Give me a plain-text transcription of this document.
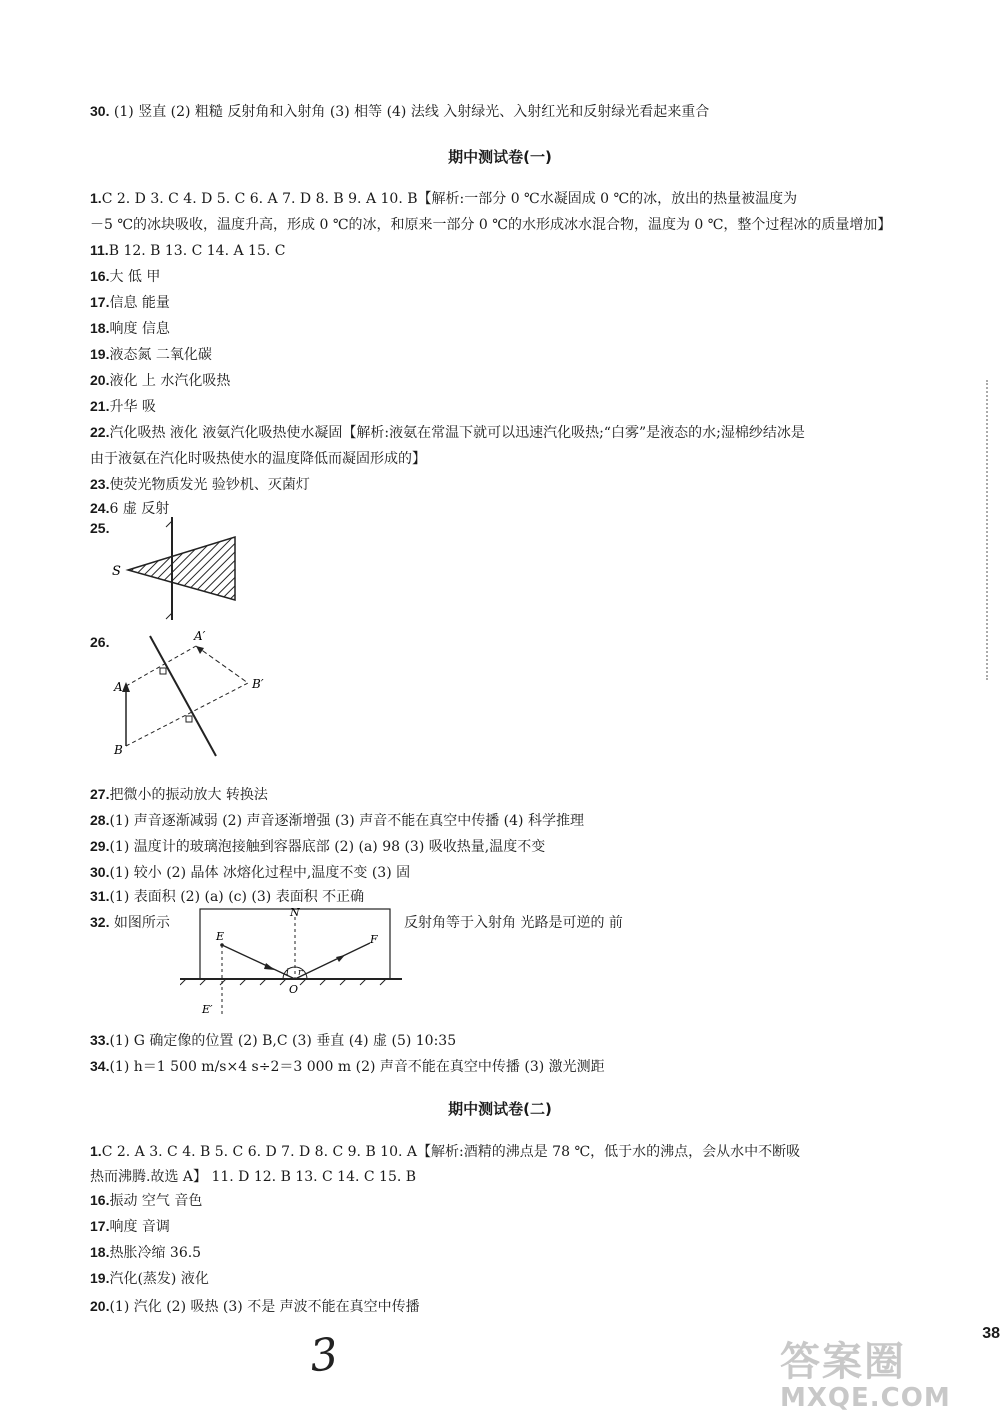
30. (1) 竖直 (2) 粗糙 反射角和入射角 (3) 相等 (4) 法线 入射绿光、入射红光和反射绿光看起来重合
期中测试卷(一)
1.C 2. D 3. C 4. D 5. C 6. A 7. D 8. B 9. A 10. B【解析:一部分 0 ℃水凝固成 0 ℃的冰，放出的热量被温度为
－5 ℃的冰块吸收，温度升高，形成 0 ℃的冰，和原来一部分 0 ℃的水形成冰水混合物，温度为 0 ℃，整个过程冰的质量增加】
11.B 12. B 13. C 14. A 15. C
16.大 低 甲
17.信息 能量
18.响度 信息
19.液态氮 二氧化碳
20.液化 上 水汽化吸热
21.升华 吸
22.汽化吸热 液化 液氨汽化吸热使水凝固【解析:液氨在常温下就可以迅速汽化吸热;“白雾”是液态的水;湿棉纱结冰是
由于液氨在汽化时吸热使水的温度降低而凝固形成的】
23.使荧光物质发光 验钞机、灭菌灯
24.6 虚 反射
25.
S
26.
A
B
A′
B′
27.把微小的振动放大 转换法
28.(1) 声音逐渐减弱 (2) 声音逐渐增强 (3) 声音不能在真空中传播 (4) 科学推理
29.(1) 温度计的玻璃泡接触到容器底部 (2) (a) 98 (3) 吸收热量,温度不变
30.(1) 较小 (2) 晶体 冰熔化过程中,温度不变 (3) 固
31.(1) 表面积 (2) (a) (c) (3) 表面积 不正确
32. 如图所示	反射角等于入射角 光路是可逆的 前
N
E	F
O
E′
i r
33.(1) G 确定像的位置 (2) B,C (3) 垂直 (4) 虚 (5) 10:35
34.(1) h＝1 500 m/s×4 s÷2＝3 000 m (2) 声音不能在真空中传播 (3) 激光测距
期中测试卷(二)
1.C 2. A 3. C 4. B 5. C 6. D 7. D 8. C 9. B 10. A【解析:酒精的沸点是 78 ℃，低于水的沸点，会从水中不断吸
热而沸腾.故选 A】 11. D 12. B 13. C 14. C 15. B
16.振动 空气 音色
17.响度 音调
18.热胀冷缩 36.5
19.汽化(蒸发) 液化
20.(1) 汽化 (2) 吸热 (3) 不是 声波不能在真空中传播
38
3	答案圈
MXQE.COM
